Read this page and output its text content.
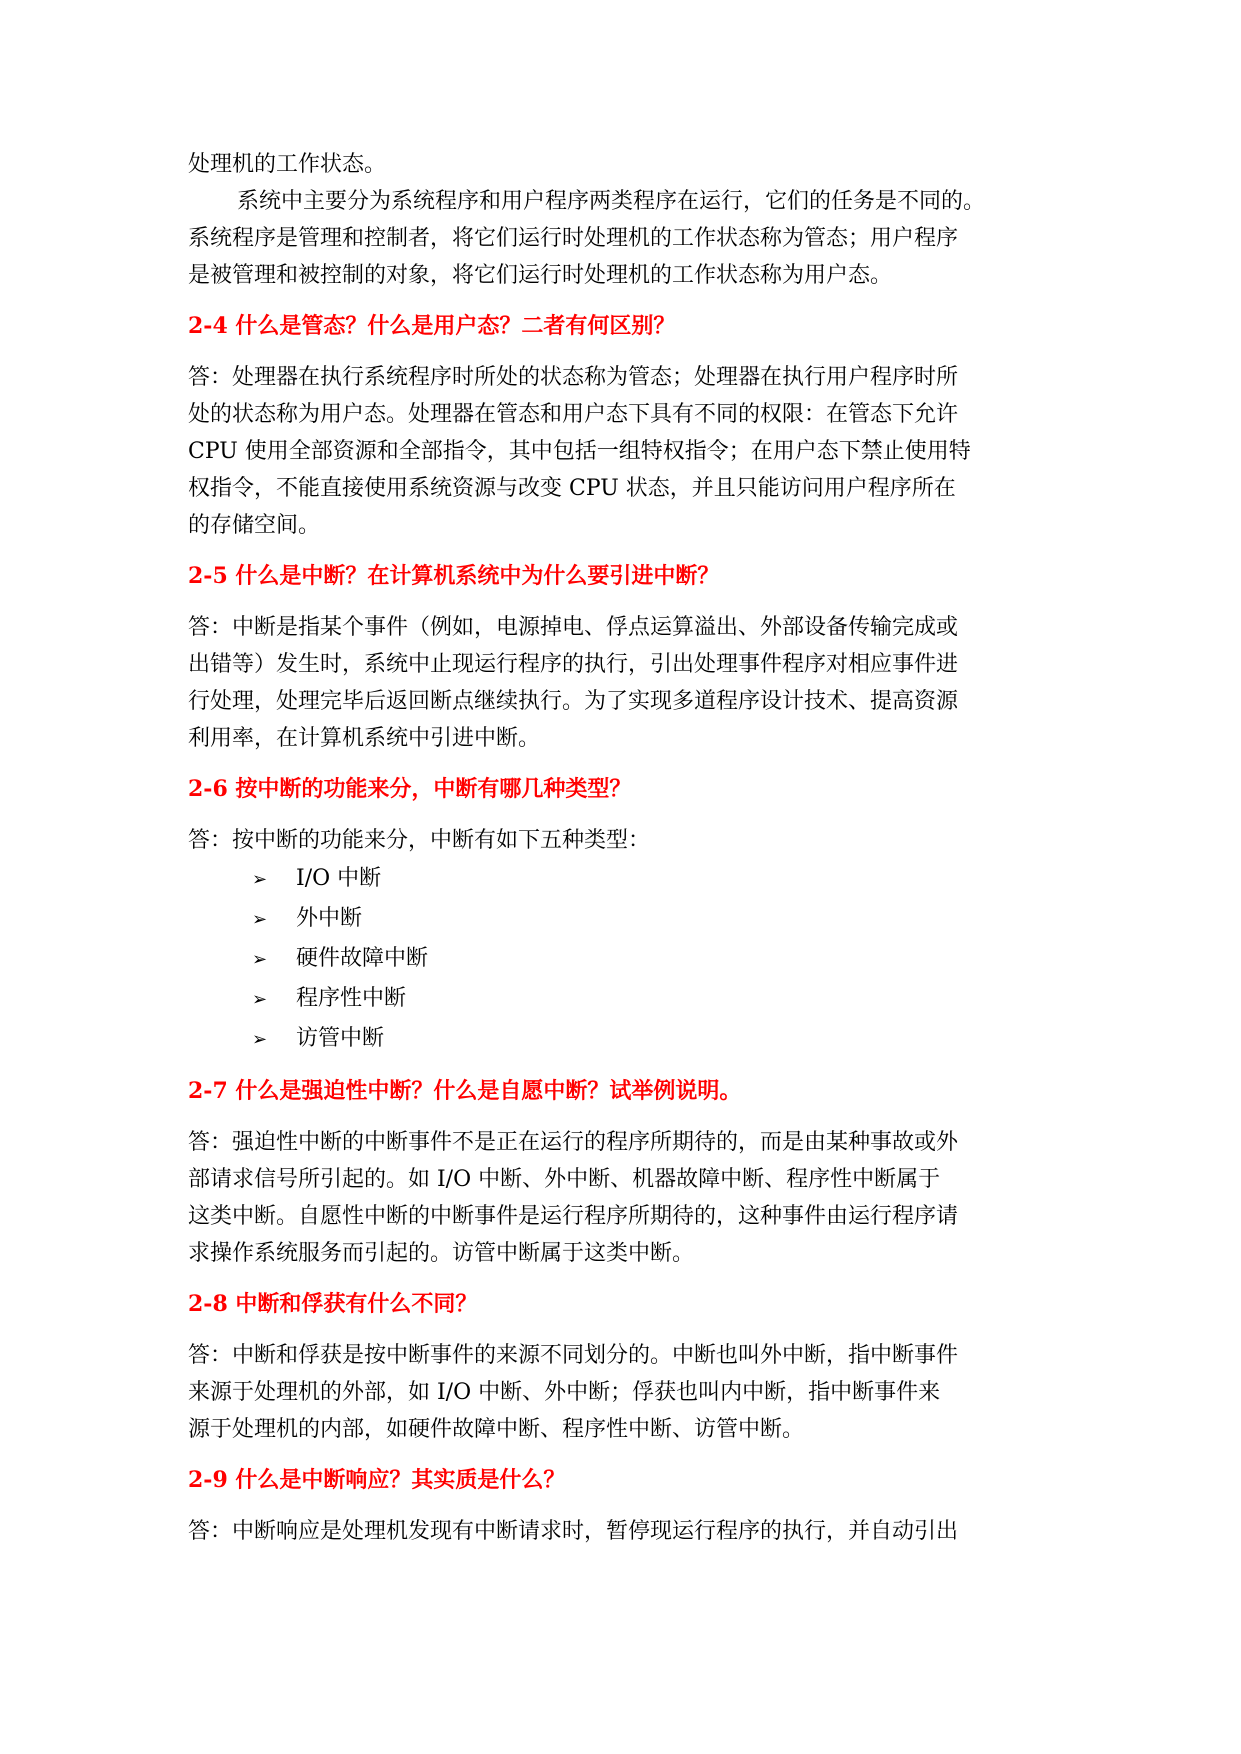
处理机的工作状态。
系统中主要分为系统程序和用户程序两类程序在运行，它们的任务是不同的。
系统程序是管理和控制者，将它们运行时处理机的工作状态称为管态；用户程序
是被管理和被控制的对象，将它们运行时处理机的工作状态称为用户态。
2-4 什么是管态？什么是用户态？二者有何区别？
答：处理器在执行系统程序时所处的状态称为管态；处理器在执行用户程序时所
处的状态称为用户态。处理器在管态和用户态下具有不同的权限：在管态下允许
CPU 使用全部资源和全部指令，其中包括一组特权指令；在用户态下禁止使用特
权指令，不能直接使用系统资源与改变 CPU 状态，并且只能访问用户程序所在
的存储空间。
2-5 什么是中断？在计算机系统中为什么要引进中断？
答：中断是指某个事件（例如，电源掉电、俘点运算溢出、外部设备传输完成或
出错等）发生时，系统中止现运行程序的执行，引出处理事件程序对相应事件进
行处理，处理完毕后返回断点继续执行。为了实现多道程序设计技术、提高资源
利用率，在计算机系统中引进中断。
2-6 按中断的功能来分，中断有哪几种类型？
答：按中断的功能来分，中断有如下五种类型：
➢ I/O 中断
➢ 外中断
➢ 硬件故障中断
➢ 程序性中断
➢ 访管中断
2-7 什么是强迫性中断？什么是自愿中断？试举例说明。
答：强迫性中断的中断事件不是正在运行的程序所期待的，而是由某种事故或外
部请求信号所引起的。如 I/O 中断、外中断、机器故障中断、程序性中断属于
这类中断。自愿性中断的中断事件是运行程序所期待的，这种事件由运行程序请
求操作系统服务而引起的。访管中断属于这类中断。
2-8 中断和俘获有什么不同？
答：中断和俘获是按中断事件的来源不同划分的。中断也叫外中断，指中断事件
来源于处理机的外部，如 I/O 中断、外中断；俘获也叫内中断，指中断事件来
源于处理机的内部，如硬件故障中断、程序性中断、访管中断。
2-9 什么是中断响应？其实质是什么？
答：中断响应是处理机发现有中断请求时，暂停现运行程序的执行，并自动引出
